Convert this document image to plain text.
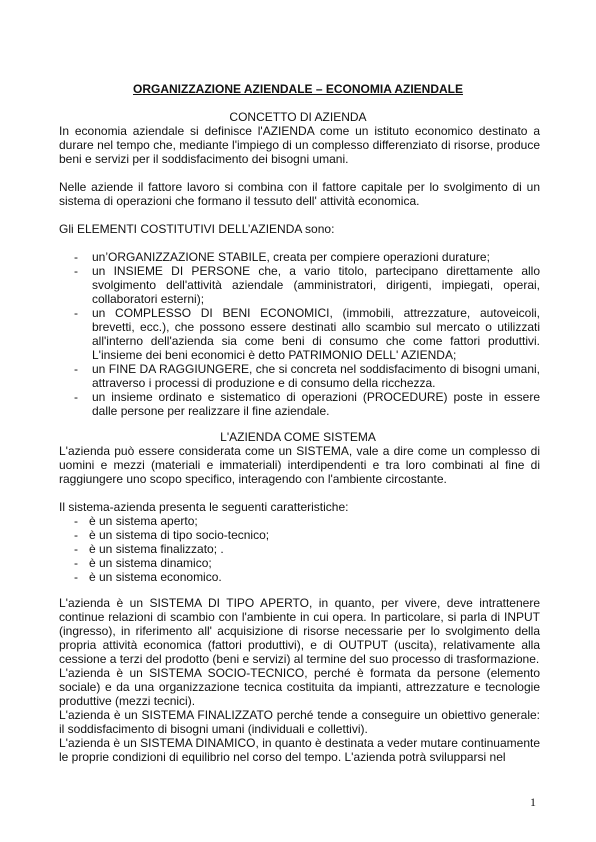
ORGANIZZAZIONE AZIENDALE – ECONOMIA AZIENDALE
CONCETTO DI AZIENDA
In economia aziendale si definisce l'AZIENDA come un istituto economico destinato a durare nel tempo che, mediante l'impiego di un complesso differenziato di risorse, produce beni e servizi per il soddisfacimento dei bisogni umani.
Nelle aziende il fattore lavoro si combina con il fattore capitale per lo svolgimento di un sistema di operazioni che formano il tessuto dell' attività economica.
Gli ELEMENTI COSTITUTIVI DELL’AZIENDA sono:
- un’ORGANIZZAZIONE STABILE, creata per compiere operazioni durature;
- un INSIEME DI PERSONE che, a vario titolo, partecipano direttamente allo svolgimento dell'attività aziendale (amministratori, dirigenti, impiegati, operai, collaboratori esterni);
- un COMPLESSO DI BENI ECONOMICI, (immobili, attrezzature, autoveicoli, brevetti, ecc.), che possono essere destinati allo scambio sul mercato o utilizzati all'interno dell'azienda sia come beni di consumo che come fattori produttivi. L'insieme dei beni economici è detto PATRIMONIO DELL' AZIENDA;
- un FINE DA RAGGIUNGERE, che si concreta nel soddisfacimento di bisogni umani, attraverso i processi di produzione e di consumo della ricchezza.
- un insieme ordinato e sistematico di operazioni (PROCEDURE) poste in essere dalle persone per realizzare il fine aziendale.
L'AZIENDA COME SISTEMA
L'azienda può essere considerata come un SISTEMA, vale a dire come un complesso di uomini e mezzi (materiali e immateriali) interdipendenti e tra loro combinati al fine di raggiungere uno scopo specifico, interagendo con l'ambiente circostante.
Il sistema-azienda presenta le seguenti caratteristiche:
- è un sistema aperto;
- è un sistema di tipo socio-tecnico;
- è un sistema finalizzato; .
- è un sistema dinamico;
- è un sistema economico.
L'azienda è un SISTEMA DI TIPO APERTO, in quanto, per vivere, deve intrattenere continue relazioni di scambio con l'ambiente in cui opera. In particolare, si parla di INPUT (ingresso), in riferimento all' acquisizione di risorse necessarie per lo svolgimento della propria attività economica (fattori produttivi), e di OUTPUT (uscita), relativamente alla cessione a terzi del prodotto (beni e servizi) al termine del suo processo di trasformazione.
L'azienda è un SISTEMA SOCIO-TECNICO, perché è formata da persone (elemento sociale) e da una organizzazione tecnica costituita da impianti, attrezzature e tecnologie produttive (mezzi tecnici).
L'azienda è un SISTEMA FINALIZZATO perché tende a conseguire un obiettivo generale: il soddisfacimento di bisogni umani (individuali e collettivi).
L'azienda è un SISTEMA DINAMICO, in quanto è destinata a veder mutare continuamente le proprie condizioni di equilibrio nel corso del tempo. L'azienda potrà svilupparsi nel
1
